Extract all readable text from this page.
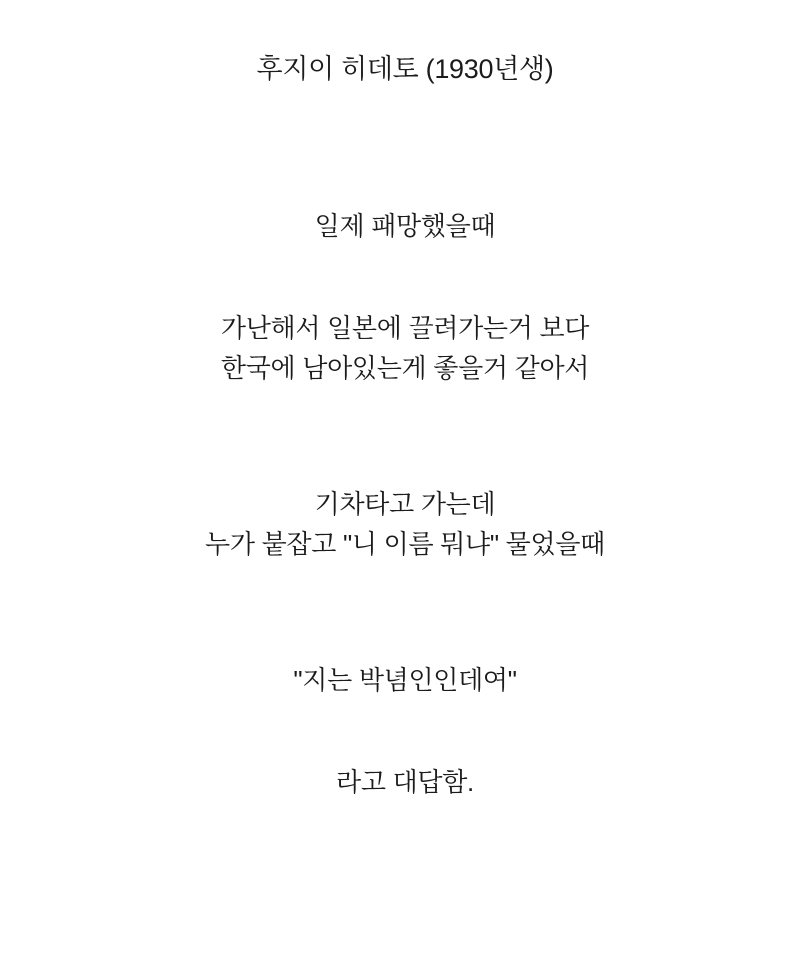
후지이 히데토 (1930년생)
일제 패망했을때
가난해서 일본에 끌려가는거 보다
한국에 남아있는게 좋을거 같아서
기차타고 가는데
누가 붙잡고 "니 이름 뭐냐" 물었을때
"지는 박념인인데여"
라고 대답함.
